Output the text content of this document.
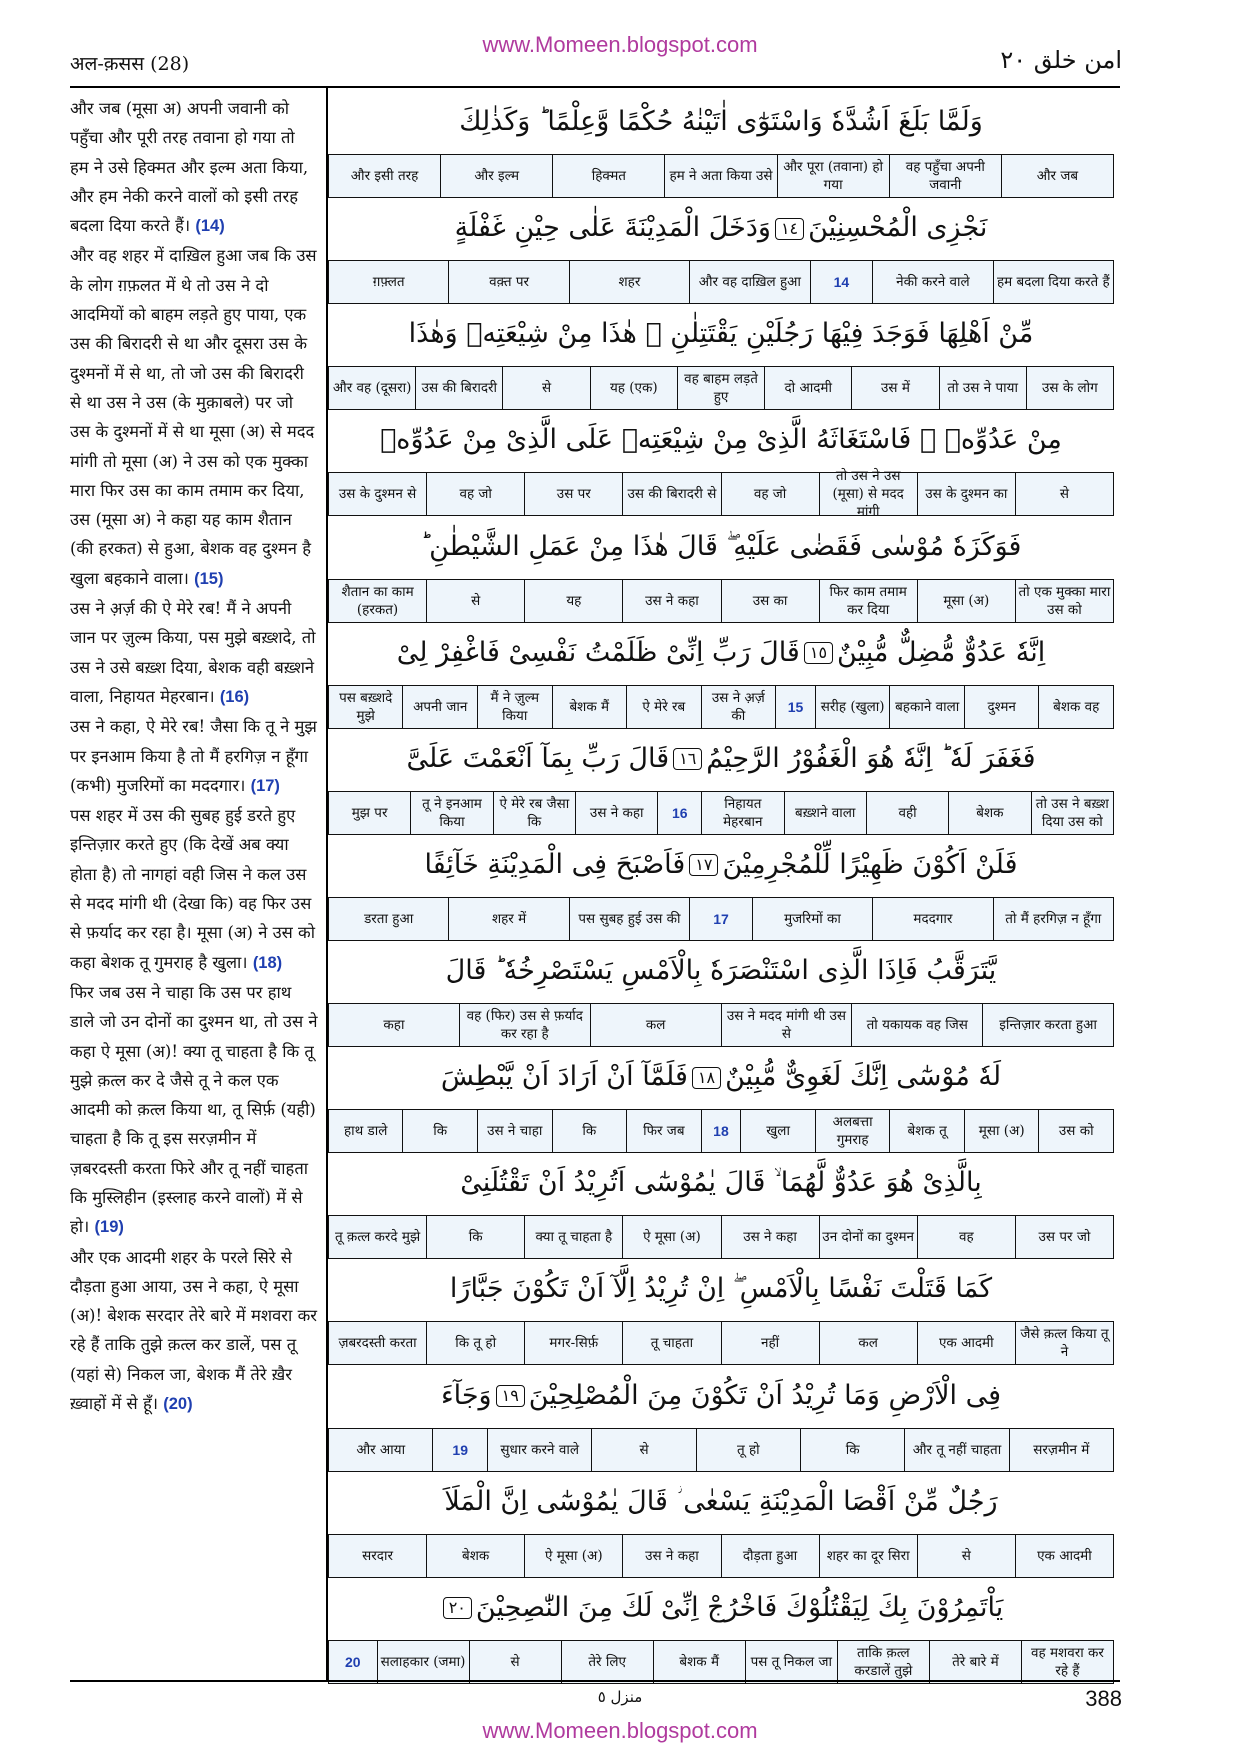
www.Momeen.blogspot.com
अल-क़सस (28)	امن خلق ٢٠

और जब (मूसा अ) अपनी जवानी को पहुँचा और पूरी तरह तवाना हो गया तो हम ने उसे हिक्मत और इल्म अता किया, और हम नेकी करने वालों को इसी तरह बदला दिया करते हैं। (14)

और वह शहर में दाख़िल हुआ जब कि उस के लोग ग़फ़लत में थे तो उस ने दो आदमियों को बाहम लड़ते हुए पाया, एक उस की बिरादरी से था और दूसरा उस के दुश्मनों में से था, तो जो उस की बिरादरी से था उस ने उस (के मुक़ाबले) पर जो उस के दुश्मनों में से था मूसा (अ) से मदद मांगी तो मूसा (अ) ने उस को एक मुक्का मारा फिर उस का काम तमाम कर दिया, उस (मूसा अ) ने कहा यह काम शैतान (की हरकत) से हुआ, बेशक वह दुश्मन है खुला बहकाने वाला। (15)

उस ने अ़र्ज़ की ऐ मेरे रब! मैं ने अपनी जान पर ज़ुल्म किया, पस मुझे बख़्शदे, तो उस ने उसे बख़्श दिया, बेशक वही बख़्शने वाला, निहायत मेहरबान। (16)

उस ने कहा, ऐ मेरे रब! जैसा कि तू ने मुझ पर इनआम किया है तो मैं हरगिज़ न हूँगा (कभी) मुजरिमों का मददगार। (17)

पस शहर में उस की सुबह हुई डरते हुए इन्तिज़ार करते हुए (कि देखें अब क्या होता है) तो नागहां वही जिस ने कल उस से मदद मांगी थी (देखा कि) वह फिर उस से फ़र्याद कर रहा है। मूसा (अ) ने उस को कहा बेशक तू गुमराह है खुला। (18)

फिर जब उस ने चाहा कि उस पर हाथ डाले जो उन दोनों का दुश्मन था, तो उस ने कहा ऐ मूसा (अ)! क्या तू चाहता है कि तू मुझे क़त्ल कर दे जैसे तू ने कल एक आदमी को क़त्ल किया था, तू सिर्फ़ (यही) चाहता है कि तू इस सरज़मीन में ज़बरदस्ती करता फिरे और तू नहीं चाहता कि मुस्लिहीन (इस्लाह करने वालों) में से हो। (19)

और एक आदमी शहर के परले सिरे से दौड़ता हुआ आया, उस ने कहा, ऐ मूसा (अ)! बेशक सरदार तेरे बारे में मशवरा कर रहे हैं ताकि तुझे क़त्ल कर डालें, पस तू (यहां से) निकल जा, बेशक मैं तेरे ख़ैर ख़्वाहों में से हूँ। (20)

وَلَمَّا بَلَغَ اَشُدَّهٗ وَاسْتَوٰٓى اٰتَيْنٰهُ حُكْمًا وَّعِلْمًا ؕ وَكَذٰلِكَ
और जब
वह पहुँचा अपनी जवानी
और पूरा (तवाना) हो गया
हम ने अता किया उसे
हिक्मत
और इल्म
और इसी तरह
نَجْزِى الْمُحْسِنِيْنَ١٤وَدَخَلَ الْمَدِيْنَةَ عَلٰى حِيْنِ غَفْلَةٍ
हम बदला दिया करते हैं
नेकी करने वाले
14
और वह दाख़िल हुआ
शहर
वक़्त पर
ग़फ़्लत
مِّنْ اَهْلِهَا فَوَجَدَ فِيْهَا رَجُلَيْنِ يَقْتَتِلٰنِ ۫ هٰذَا مِنْ شِيْعَتِهٖ وَهٰذَا
उस के लोग
तो उस ने पाया
उस में
दो आदमी
वह बाहम लड़ते हुए
यह (एक)
से
उस की बिरादरी
और वह (दूसरा)
مِنْ عَدُوِّهٖ ۚ فَاسْتَغَاثَهُ الَّذِىْ مِنْ شِيْعَتِهٖ عَلَى الَّذِىْ مِنْ عَدُوِّهٖ
से
उस के दुश्मन का
तो उस ने उस (मूसा) से मदद मांगी
वह जो
उस की बिरादरी से
उस पर
वह जो
उस के दुश्मन से
فَوَكَزَهٗ مُوْسٰى فَقَضٰى عَلَيْهِ ۖ قَالَ هٰذَا مِنْ عَمَلِ الشَّيْطٰنِ ؕ
तो एक मुक्का मारा उस को
मूसा (अ)
फिर काम तमाम कर दिया
उस का
उस ने कहा
यह
से
शैतान का काम (हरकत)
اِنَّهٗ عَدُوٌّ مُّضِلٌّ مُّبِيْنٌ١٥قَالَ رَبِّ اِنِّىْ ظَلَمْتُ نَفْسِىْ فَاغْفِرْ لِىْ
बेशक वह
दुश्मन
बहकाने वाला
सरीह (खुला)
15
उस ने अ़र्ज़ की
ऐ मेरे रब
बेशक मैं
मैं ने ज़ुल्म किया
अपनी जान
पस बख़्शदे मुझे
فَغَفَرَ لَهٗ ؕ اِنَّهٗ هُوَ الْغَفُوْرُ الرَّحِيْمُ١٦قَالَ رَبِّ بِمَآ اَنْعَمْتَ عَلَىَّ
तो उस ने बख़्श दिया उस को
बेशक
वही
बख़्शने वाला
निहायत मेहरबान
16
उस ने कहा
ऐ मेरे रब जैसा कि
तू ने इनआम किया
मुझ पर
فَلَنْ اَكُوْنَ ظَهِيْرًا لِّلْمُجْرِمِيْنَ١٧فَاَصْبَحَ فِى الْمَدِيْنَةِ خَآئِفًا
तो मैं हरगिज़ न हूँगा
मददगार
मुजरिमों का
17
पस सुबह हुई उस की
शहर में
डरता हुआ
يَّتَرَقَّبُ فَاِذَا الَّذِى اسْتَنْصَرَهٗ بِالْاَمْسِ يَسْتَصْرِخُهٗ ؕ قَالَ
इन्तिज़ार करता हुआ
तो यकायक वह जिस
उस ने मदद मांगी थी उस से
कल
वह (फिर) उस से फ़र्याद कर रहा है
कहा
لَهٗ مُوْسٰٓى اِنَّكَ لَغَوِىٌّ مُّبِيْنٌ١٨فَلَمَّآ اَنْ اَرَادَ اَنْ يَّبْطِشَ
उस को
मूसा (अ)
बेशक तू
अलबत्ता गुमराह
खुला
18
फिर जब
कि
उस ने चाहा
कि
हाथ डाले
بِالَّذِىْ هُوَ عَدُوٌّ لَّهُمَا ۙ قَالَ يٰمُوْسٰٓى اَتُرِيْدُ اَنْ تَقْتُلَنِىْ
उस पर जो
वह
उन दोनों का दुश्मन
उस ने कहा
ऐ मूसा (अ)
क्या तू चाहता है
कि
तू क़त्ल करदे मुझे
كَمَا قَتَلْتَ نَفْسًا بِالْاَمْسِ ۖ اِنْ تُرِيْدُ اِلَّآ اَنْ تَكُوْنَ جَبَّارًا
जैसे क़त्ल किया तू ने
एक आदमी
कल
नहीं
तू चाहता
मगर-सिर्फ़
कि तू हो
ज़बरदस्ती करता
فِى الْاَرْضِ وَمَا تُرِيْدُ اَنْ تَكُوْنَ مِنَ الْمُصْلِحِيْنَ١٩وَجَآءَ
सरज़मीन में
और तू नहीं चाहता
कि
तू हो
से
सुधार करने वाले
19
और आया
رَجُلٌ مِّنْ اَقْصَا الْمَدِيْنَةِ يَسْعٰى ؗ قَالَ يٰمُوْسٰٓى اِنَّ الْمَلَاَ
एक आदमी
से
शहर का दूर सिरा
दौड़ता हुआ
उस ने कहा
ऐ मूसा (अ)
बेशक
सरदार
يَاْتَمِرُوْنَ بِكَ لِيَقْتُلُوْكَ فَاخْرُجْ اِنِّىْ لَكَ مِنَ النّٰصِحِيْنَ٢٠
वह मशवरा कर रहे हैं
तेरे बारे में
ताकि क़त्ल करडालें तुझे
पस तू निकल जा
बेशक मैं
तेरे लिए
से
सलाहकार (जमा)
20
منزل ٥	388
www.Momeen.blogspot.com
